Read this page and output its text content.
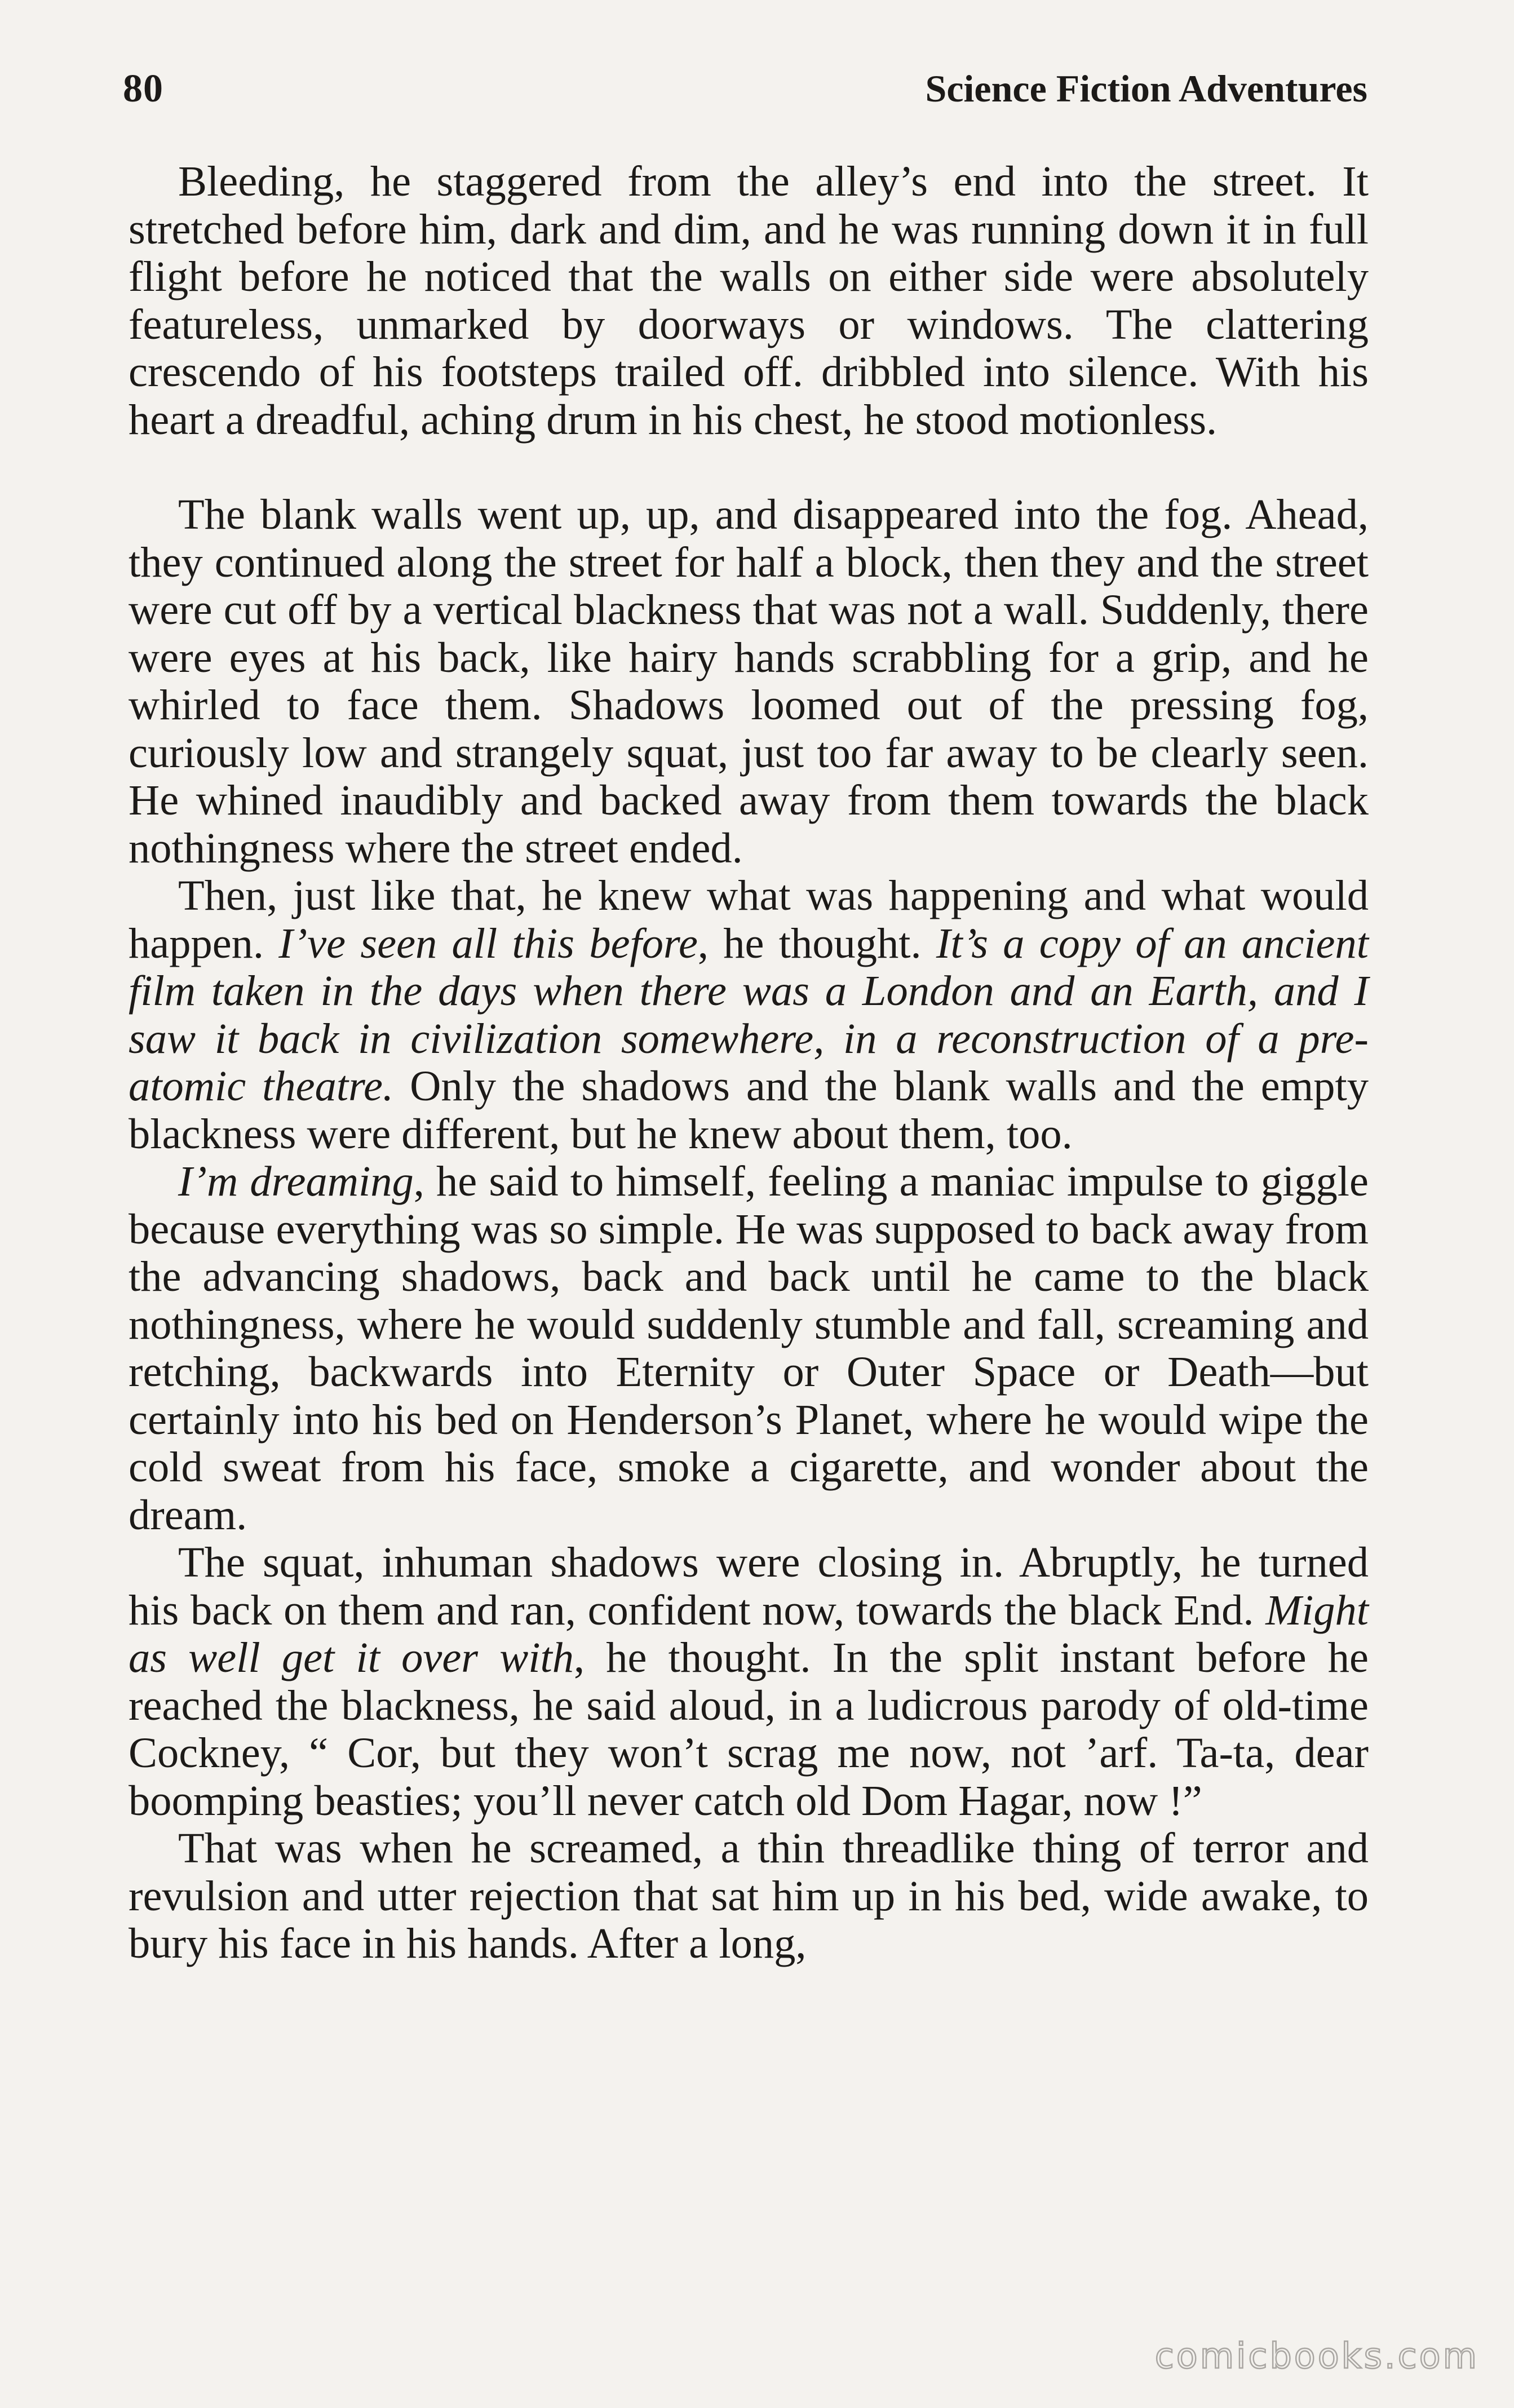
80	Science Fiction Adventures

Bleeding, he staggered from the alley’s end into the street. It stretched before him, dark and dim, and he was running down it in full flight before he noticed that the walls on either side were absolutely featureless, unmarked by doorways or windows. The clattering crescendo of his footsteps trailed off. dribbled into silence. With his heart a dreadful, aching drum in his chest, he stood motionless.

The blank walls went up, up, and disappeared into the fog. Ahead, they continued along the street for half a block, then they and the street were cut off by a vertical blackness that was not a wall. Suddenly, there were eyes at his back, like hairy hands scrabbling for a grip, and he whirled to face them. Shadows loomed out of the pressing fog, curiously low and strangely squat, just too far away to be clearly seen. He whined inaudibly and backed away from them towards the black nothingness where the street ended.

Then, just like that, he knew what was happening and what would happen. I’ve seen all this before, he thought. It’s a copy of an ancient film taken in the days when there was a London and an Earth, and I saw it back in civilization somewhere, in a reconstruction of a pre-atomic theatre. Only the shadows and the blank walls and the empty blackness were different, but he knew about them, too.

I’m dreaming, he said to himself, feeling a maniac impulse to giggle because everything was so simple. He was supposed to back away from the advancing shadows, back and back until he came to the black nothingness, where he would suddenly stumble and fall, screaming and retching, backwards into Eternity or Outer Space or Death—but certainly into his bed on Henderson’s Planet, where he would wipe the cold sweat from his face, smoke a cigarette, and wonder about the dream.

The squat, inhuman shadows were closing in. Abruptly, he turned his back on them and ran, confident now, towards the black End. Might as well get it over with, he thought. In the split instant before he reached the blackness, he said aloud, in a ludicrous parody of old-time Cockney, “ Cor, but they won’t scrag me now, not ’arf. Ta-ta, dear boomping beasties; you’ll never catch old Dom Hagar, now !”

That was when he screamed, a thin threadlike thing of terror and revulsion and utter rejection that sat him up in his bed, wide awake, to bury his face in his hands. After a long,

comicbooks.com
